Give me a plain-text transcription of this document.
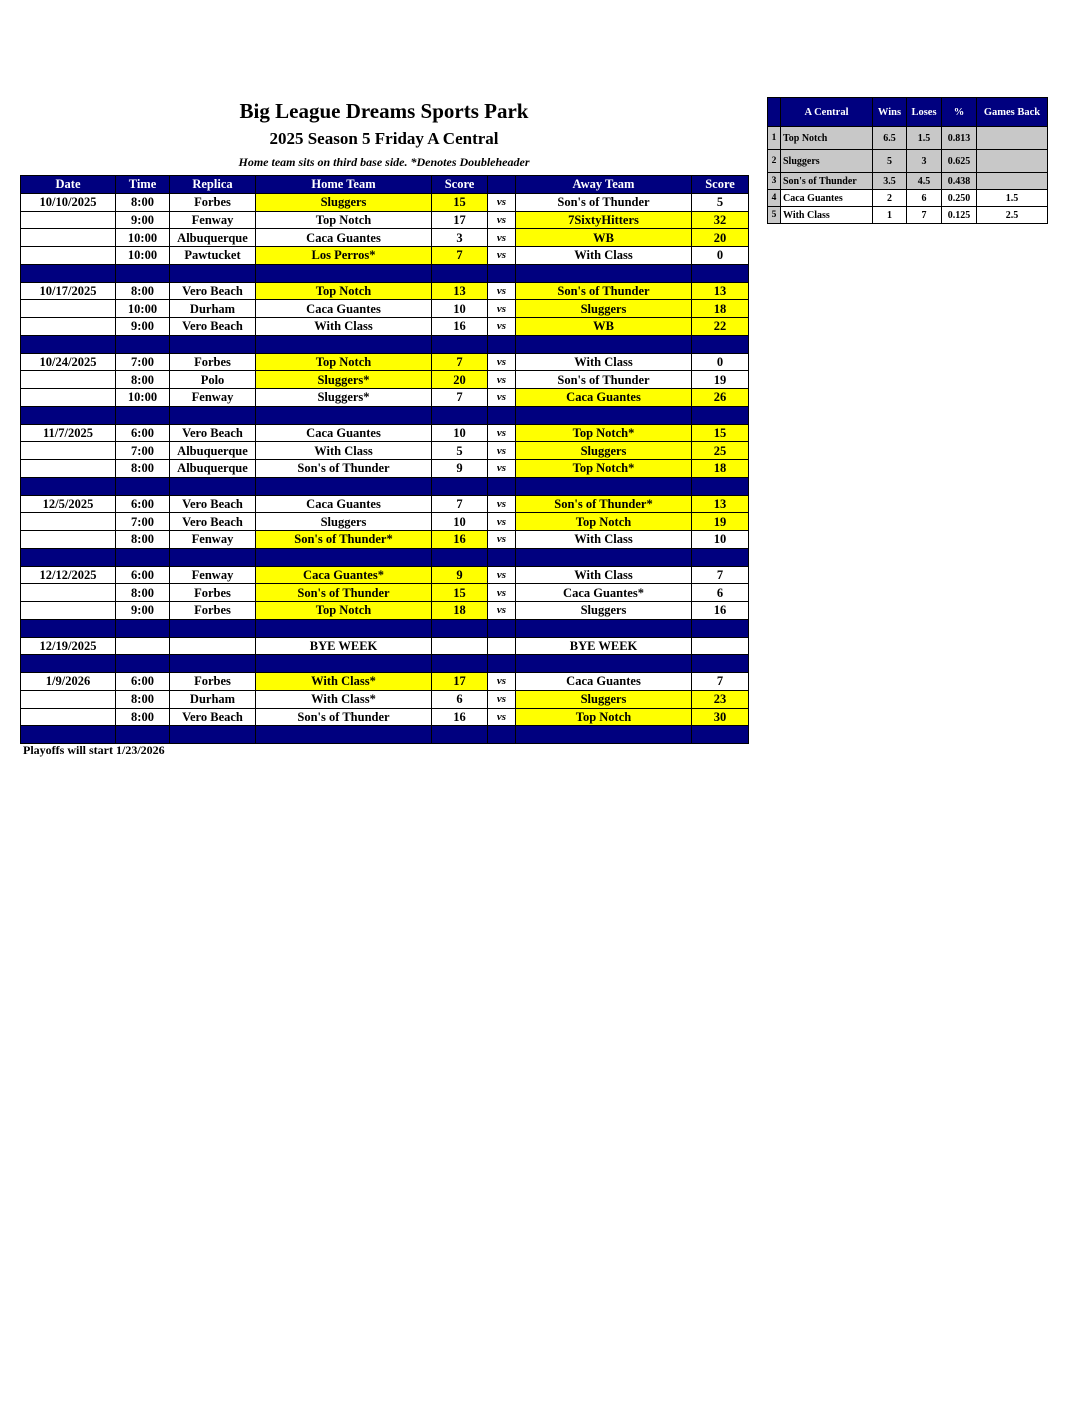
Big League Dreams Sports Park
2025 Season 5 Friday A Central
Home team sits on third base side. *Denotes Doubleheader
Date	Time	Replica	Home Team	Score		Away Team	Score
10/10/2025	8:00	Forbes	Sluggers	15	vs	Son's of Thunder	5
	9:00	Fenway	Top Notch	17	vs	7SixtyHitters	32
	10:00	Albuquerque	Caca Guantes	3	vs	WB	20
	10:00	Pawtucket	Los Perros*	7	vs	With Class	0

10/17/2025	8:00	Vero Beach	Top Notch	13	vs	Son's of Thunder	13
	10:00	Durham	Caca Guantes	10	vs	Sluggers	18
	9:00	Vero Beach	With Class	16	vs	WB	22

10/24/2025	7:00	Forbes	Top Notch	7	vs	With Class	0
	8:00	Polo	Sluggers*	20	vs	Son's of Thunder	19
	10:00	Fenway	Sluggers*	7	vs	Caca Guantes	26

11/7/2025	6:00	Vero Beach	Caca Guantes	10	vs	Top Notch*	15
	7:00	Albuquerque	With Class	5	vs	Sluggers	25
	8:00	Albuquerque	Son's of Thunder	9	vs	Top Notch*	18

12/5/2025	6:00	Vero Beach	Caca Guantes	7	vs	Son's of Thunder*	13
	7:00	Vero Beach	Sluggers	10	vs	Top Notch	19
	8:00	Fenway	Son's of Thunder*	16	vs	With Class	10

12/12/2025	6:00	Fenway	Caca Guantes*	9	vs	With Class	7
	8:00	Forbes	Son's of Thunder	15	vs	Caca Guantes*	6
	9:00	Forbes	Top Notch	18	vs	Sluggers	16

12/19/2025			BYE WEEK			BYE WEEK	

1/9/2026	6:00	Forbes	With Class*	17	vs	Caca Guantes	7
	8:00	Durham	With Class*	6	vs	Sluggers	23
	8:00	Vero Beach	Son's of Thunder	16	vs	Top Notch	30

Playoffs will start 1/23/2026
	A Central	Wins	Loses	%	Games Back
1	Top Notch	6.5	1.5	0.813	
2	Sluggers	5	3	0.625	
3	Son's of Thunder	3.5	4.5	0.438	
4	Caca Guantes	2	6	0.250	1.5
5	With Class	1	7	0.125	2.5
